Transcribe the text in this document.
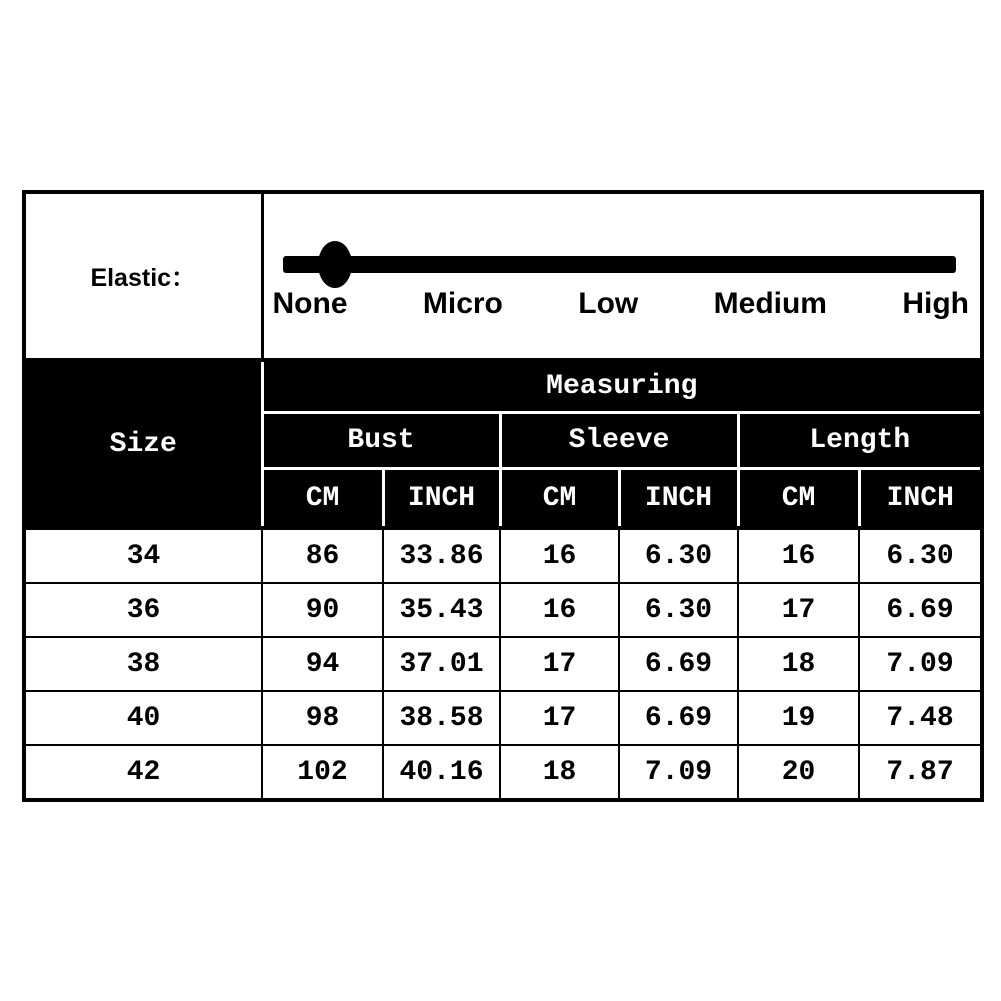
Elastic：	None Micro Low Medium High					

Size	Measuring					
	Bust		Sleeve		Length	
	CM	INCH	CM	INCH	CM	INCH
34	86	33.86	16	6.30	16	6.30
36	90	35.43	16	6.30	17	6.69
38	94	37.01	17	6.69	18	7.09
40	98	38.58	17	6.69	19	7.48
42	102	40.16	18	7.09	20	7.87
